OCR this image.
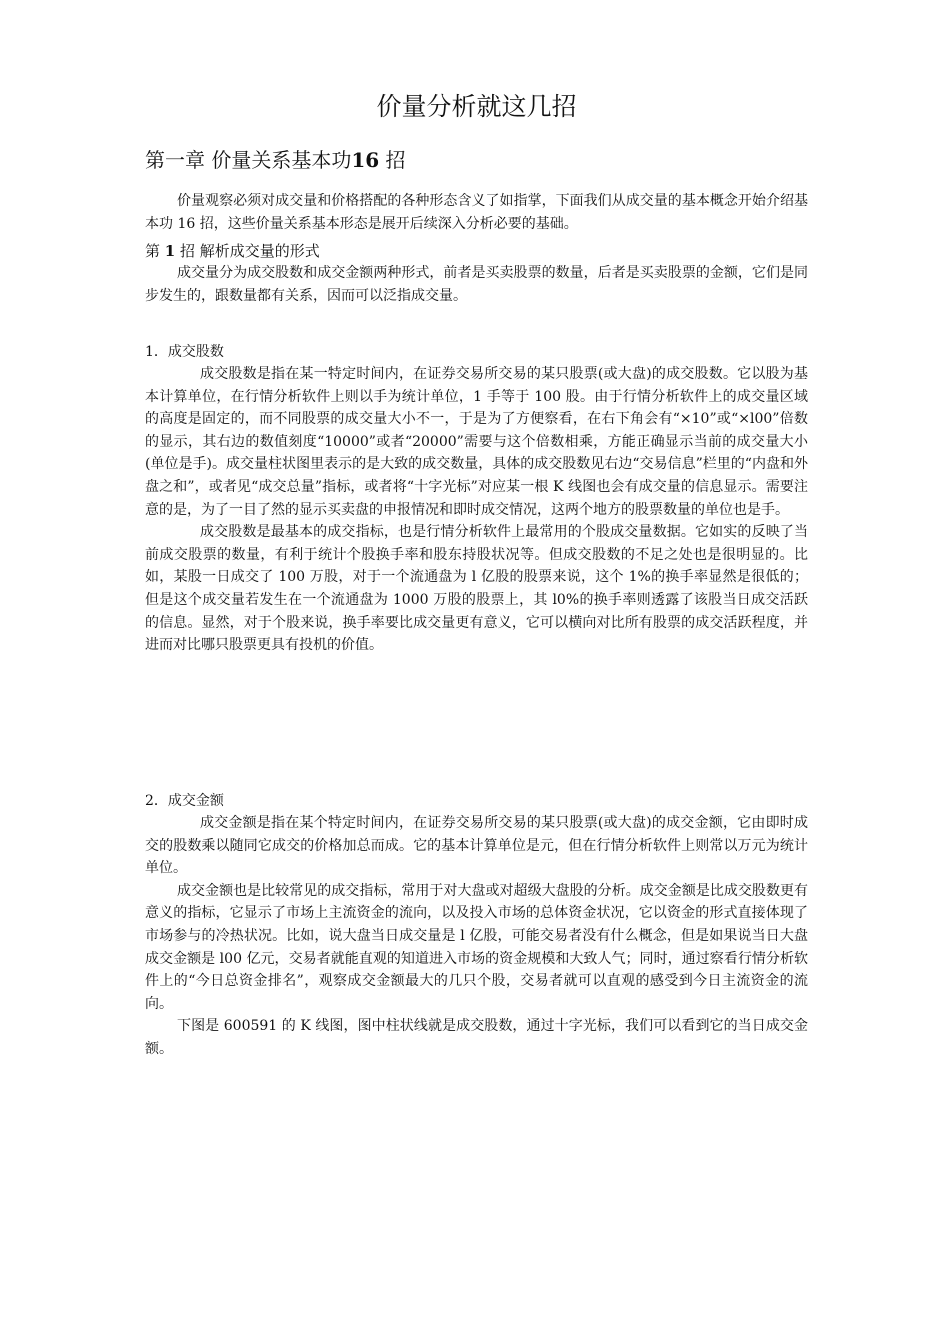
价量分析就这几招
第一章 价量关系基本功16 招

价量观察必须对成交量和价格搭配的各种形态含义了如指掌，下面我们从成交量的基本概念开始介绍基本功 16 招，这些价量关系基本形态是展开后续深入分析必要的基础。

第 1 招 解析成交量的形式

成交量分为成交股数和成交金额两种形式，前者是买卖股票的数量，后者是买卖股票的金额，它们是同步发生的，跟数量都有关系，因而可以泛指成交量。

1．成交股数

成交股数是指在某一特定时间内，在证券交易所交易的某只股票(或大盘)的成交股数。它以股为基本计算单位，在行情分析软件上则以手为统计单位，1 手等于 100 股。由于行情分析软件上的成交量区域的高度是固定的，而不同股票的成交量大小不一，于是为了方便察看，在右下角会有“×10”或“×l00”倍数的显示，其右边的数值刻度“10000”或者“20000”需要与这个倍数相乘，方能正确显示当前的成交量大小(单位是手)。成交量柱状图里表示的是大致的成交数量，具体的成交股数见右边“交易信息”栏里的“内盘和外盘之和”，或者见“成交总量”指标，或者将“十字光标”对应某一根 K 线图也会有成交量的信息显示。需要注意的是，为了一目了然的显示买卖盘的申报情况和即时成交情况，这两个地方的股票数量的单位也是手。

成交股数是最基本的成交指标，也是行情分析软件上最常用的个股成交量数据。它如实的反映了当前成交股票的数量，有利于统计个股换手率和股东持股状况等。但成交股数的不足之处也是很明显的。比如，某股一日成交了 100 万股，对于一个流通盘为 l 亿股的股票来说，这个 1%的换手率显然是很低的；但是这个成交量若发生在一个流通盘为 1000 万股的股票上，其 l0%的换手率则透露了该股当日成交活跃的信息。显然，对于个股来说，换手率要比成交量更有意义，它可以横向对比所有股票的成交活跃程度，并进而对比哪只股票更具有投机的价值。

2．成交金额

成交金额是指在某个特定时间内，在证券交易所交易的某只股票(或大盘)的成交金额，它由即时成交的股数乘以随同它成交的价格加总而成。它的基本计算单位是元，但在行情分析软件上则常以万元为统计单位。

成交金额也是比较常见的成交指标，常用于对大盘或对超级大盘股的分析。成交金额是比成交股数更有意义的指标，它显示了市场上主流资金的流向，以及投入市场的总体资金状况，它以资金的形式直接体现了市场参与的冷热状况。比如，说大盘当日成交量是 l 亿股，可能交易者没有什么概念，但是如果说当日大盘成交金额是 l00 亿元，交易者就能直观的知道进入市场的资金规模和大致人气；同时，通过察看行情分析软件上的“今日总资金排名”，观察成交金额最大的几只个股，交易者就可以直观的感受到今日主流资金的流向。

下图是 600591 的 K 线图，图中柱状线就是成交股数，通过十字光标，我们可以看到它的当日成交金额。
